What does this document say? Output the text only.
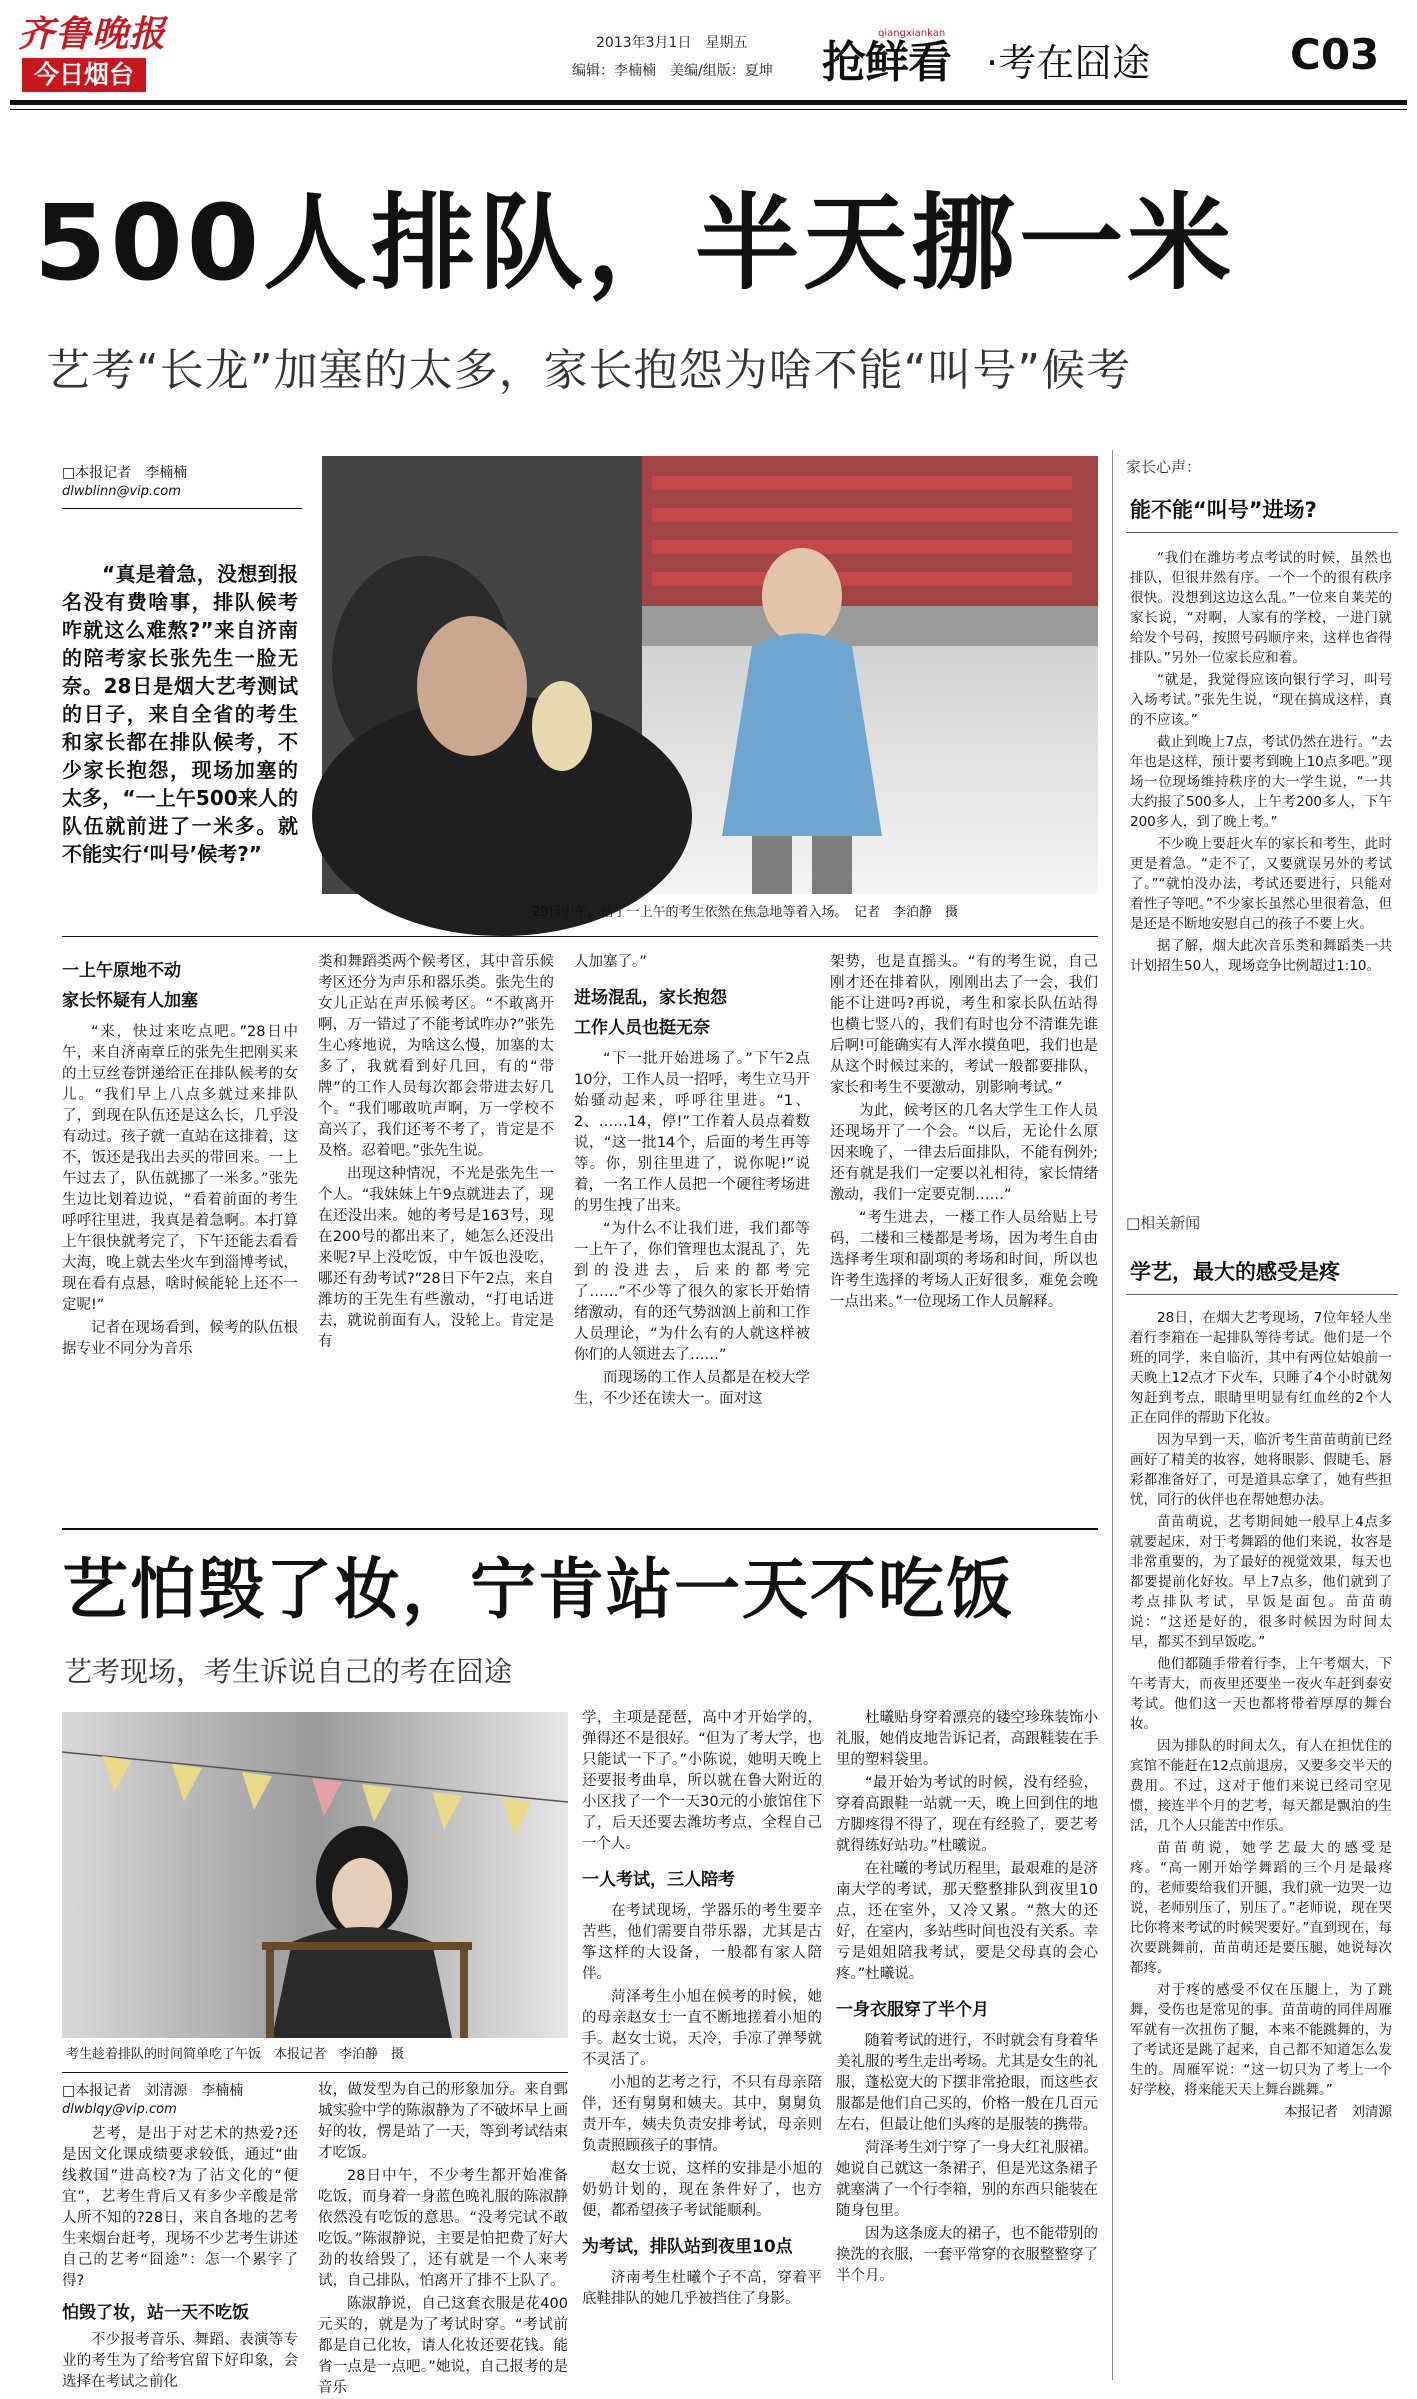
齐鲁晚报
今日烟台
2013年3月1日　星期五
编辑：李楠楠　美编/组版：夏坤 抢鲜看
qiangxiankan
·考在囧途	C03
500人排队，半天挪一米
艺考“长龙”加塞的太多，家长抱怨为啥不能“叫号”候考
□本报记者　李楠楠
dlwblinn@vip.com
“真是着急，没想到报名没有费啥事，排队候考咋就这么难熬?”来自济南的陪考家长张先生一脸无奈。28日是烟大艺考测试的日子，来自全省的考生和家长都在排队候考，不少家长抱怨，现场加塞的太多，“一上午500来人的队伍就前进了一米多。就不能实行‘叫号’候考?”
28日中午，站了一上午的考生依然在焦急地等着入场。　记者　李泊静　摄
一上午原地不动
家长怀疑有人加塞

“来，快过来吃点吧。”28日中午，来自济南章丘的张先生把刚买来的土豆丝卷饼递给正在排队候考的女儿。“我们早上八点多就过来排队了，到现在队伍还是这么长，几乎没有动过。孩子就一直站在这排着，这不，饭还是我出去买的带回来。一上午过去了，队伍就挪了一米多。”张先生边比划着边说，“看着前面的考生呼呼往里进，我真是着急啊。本打算上午很快就考完了，下午还能去看看大海，晚上就去坐火车到淄博考试，现在看有点悬，啥时候能轮上还不一定呢!”

记者在现场看到，候考的队伍根据专业不同分为音乐

类和舞蹈类两个候考区，其中音乐候考区还分为声乐和器乐类。张先生的女儿正站在声乐候考区。“不敢离开啊，万一错过了不能考试咋办?”张先生心疼地说，为啥这么慢，加塞的太多了，我就看到好几回，有的“带牌”的工作人员每次都会带进去好几个。“我们哪敢吭声啊，万一学校不高兴了，我们还考不考了，肯定是不及格。忍着吧。”张先生说。

出现这种情况，不光是张先生一个人。“我妹妹上午9点就进去了，现在还没出来。她的考号是163号，现在200号的都出来了，她怎么还没出来呢?早上没吃饭，中午饭也没吃，哪还有劲考试?”28日下午2点，来自潍坊的王先生有些激动，“打电话进去，就说前面有人，没轮上。肯定是有

人加塞了。”

进场混乱，家长抱怨
工作人员也挺无奈

“下一批开始进场了。”下午2点10分，工作人员一招呼，考生立马开始骚动起来，呼呼往里进。“1、2、……14，停!”工作着人员点着数说，“这一批14个，后面的考生再等等。你，别往里进了，说你呢!”说着，一名工作人员把一个硬往考场进的男生拽了出来。

“为什么不让我们进，我们都等一上午了，你们管理也太混乱了，先到的没进去，后来的都考完了……”不少等了很久的家长开始情绪激动，有的还气势汹汹上前和工作人员理论，“为什么有的人就这样被你们的人领进去了……”

而现场的工作人员都是在校大学生，不少还在读大一。面对这

架势，也是直摇头。“有的考生说，自己刚才还在排着队，刚刚出去了一会，我们能不让进吗?再说，考生和家长队伍站得也横七竖八的，我们有时也分不清谁先谁后啊!可能确实有人浑水摸鱼吧，我们也是从这个时候过来的，考试一般都要排队，家长和考生不要激动，别影响考试。”

为此，候考区的几名大学生工作人员还现场开了一个会。“以后，无论什么原因来晚了，一律去后面排队，不能有例外;还有就是我们一定要以礼相待，家长情绪激动，我们一定要克制……”

“考生进去，一楼工作人员给贴上号码，二楼和三楼都是考场，因为考生自由选择考生项和副项的考场和时间，所以也许考生选择的考场人正好很多，难免会晚一点出来。”一位现场工作人员解释。

家长心声：
能不能“叫号”进场?

“我们在潍坊考点考试的时候，虽然也排队，但很井然有序。一个一个的很有秩序很快。没想到这边这么乱。”一位来自莱芜的家长说，“对啊，人家有的学校，一进门就给发个号码，按照号码顺序来，这样也省得排队。”另外一位家长应和着。

“就是，我觉得应该向银行学习，叫号入场考试。”张先生说，“现在搞成这样，真的不应该。”

截止到晚上7点，考试仍然在进行。“去年也是这样，预计要考到晚上10点多吧。”现场一位现场维持秩序的大一学生说，“一共大约报了500多人，上午考200多人，下午200多人，到了晚上考。”

不少晚上要赶火车的家长和考生，此时更是着急。“走不了，又要就误另外的考试了。”“就怕没办法，考试还要进行，只能对着性子等吧。”不少家长虽然心里很着急，但是还是不断地安慰自己的孩子不要上火。

据了解，烟大此次音乐类和舞蹈类一共计划招生50人，现场竞争比例超过1:10。

□相关新闻
学艺，最大的感受是疼

28日，在烟大艺考现场，7位年轻人坐着行李箱在一起排队等待考试。他们是一个班的同学，来自临沂，其中有两位姑娘前一天晚上12点才下火车，只睡了4个小时就匆匆赶到考点，眼睛里明显有红血丝的2个人正在同伴的帮助下化妆。

因为早到一天，临沂考生苗苗萌前已经画好了精美的妆容，她将眼影、假睫毛、唇彩都准备好了，可是道具忘拿了，她有些担忧，同行的伙伴也在帮她想办法。

苗苗萌说，艺考期间她一般早上4点多就要起床，对于考舞蹈的他们来说，妆容是非常重要的，为了最好的视觉效果，每天也都要提前化好妆。早上7点多，他们就到了考点排队考试，早饭是面包。苗苗萌说：“这还是好的，很多时候因为时间太早，都买不到早饭吃。”

他们都随手带着行李，上午考烟大，下午考青大，而夜里还要坐一夜火车赶到泰安考试。他们这一天也都将带着厚厚的舞台妆。

因为排队的时间太久，有人在担忧住的宾馆不能赶在12点前退房，又要多交半天的费用。不过，这对于他们来说已经司空见惯，接连半个月的艺考，每天都是飘泊的生活，几个人只能苦中作乐。

苗苗萌说，她学艺最大的感受是疼。“高一刚开始学舞蹈的三个月是最疼的，老师要给我们开腿，我们就一边哭一边说，老师别压了，别压了。”老师说，现在哭比你将来考试的时候哭要好。”直到现在，每次要跳舞前，苗苗萌还是要压腿，她说每次都疼。

对于疼的感受不仅在压腿上，为了跳舞，受伤也是常见的事。苗苗萌的同伴周雁军就有一次扭伤了腿，本来不能跳舞的，为了考试还是跳了起来，自己都不知道怎么发生的。周雁军说：“这一切只为了考上一个好学校，将来能天天上舞台跳舞。”

本报记者　刘清源

艺怕毁了妆，宁肯站一天不吃饭
艺考现场，考生诉说自己的考在囧途
考生趁着排队的时间简单吃了午饭　本报记者　李泊静　摄
□本报记者　刘清源　李楠楠
dlwblqy@vip.com

艺考，是出于对艺术的热爱?还是因文化课成绩要求较低，通过“曲线救国”进高校?为了沾文化的“便宜”，艺考生背后又有多少辛酸是常人所不知的?28日，来自各地的艺考生来烟台赶考，现场不少艺考生讲述自己的艺考“囧途”：怎一个累字了得?

怕毁了妆，站一天不吃饭

不少报考音乐、舞蹈、表演等专业的考生为了给考官留下好印象，会选择在考试之前化

妆，做发型为自己的形象加分。来自鄄城实验中学的陈淑静为了不破坏早上画好的妆，愣是站了一天，等到考试结束才吃饭。

28日中午，不少考生都开始准备吃饭，而身着一身蓝色晚礼服的陈淑静依然没有吃饭的意思。“没考完试不敢吃饭。”陈淑静说，主要是怕把费了好大劲的妆给毁了，还有就是一个人来考试，自己排队，怕离开了排不上队了。

陈淑静说，自己这套衣服是花400元买的，就是为了考试时穿。“考试前都是自己化妆，请人化妆还要花钱。能省一点是一点吧。”她说，自己报考的是音乐

学，主项是琵琶，高中才开始学的，弹得还不是很好。“但为了考大学，也只能试一下了。”小陈说，她明天晚上还要报考曲阜，所以就在鲁大附近的小区找了一个一天30元的小旅馆住下了，后天还要去潍坊考点，全程自己一个人。

一人考试，三人陪考

在考试现场，学器乐的考生要辛苦些，他们需要自带乐器，尤其是古筝这样的大设备，一般都有家人陪伴。

菏泽考生小旭在候考的时候，她的母亲赵女士一直不断地搓着小旭的手。赵女士说，天冷，手凉了弹琴就不灵活了。

小旭的艺考之行，不只有母亲陪伴，还有舅舅和姨夫。其中，舅舅负责开车，姨夫负责安排考试，母亲则负责照顾孩子的事情。

赵女士说，这样的安排是小旭的奶奶计划的，现在条件好了，也方便，都希望孩子考试能顺利。

为考试，排队站到夜里10点

济南考生杜曦个子不高，穿着平底鞋排队的她几乎被挡住了身影。

杜曦贴身穿着漂亮的镂空珍珠装饰小礼服，她俏皮地告诉记者，高跟鞋装在手里的塑料袋里。

“最开始为考试的时候，没有经验，穿着高跟鞋一站就一天，晚上回到住的地方脚疼得不得了，现在有经验了，要艺考就得练好站功。”杜曦说。

在社曦的考试历程里，最艰难的是济南大学的考试，那天整整排队到夜里10点，还在室外，又冷又累。“熬大的还好，在室内，多站些时间也没有关系。幸亏是姐姐陪我考试，要是父母真的会心疼。”杜曦说。

一身衣服穿了半个月

随着考试的进行，不时就会有身着华美礼服的考生走出考场。尤其是女生的礼服，蓬松宽大的下摆非常抢眼，而这些衣服都是他们自己买的，价格一般在几百元左右，但最让他们头疼的是服装的携带。

菏泽考生刘宁穿了一身大红礼服裙。她说自己就这一条裙子，但是光这条裙子就塞满了一个行李箱，别的东西只能装在随身包里。

因为这条庞大的裙子，也不能带别的换洗的衣服，一套平常穿的衣服整整穿了半个月。
